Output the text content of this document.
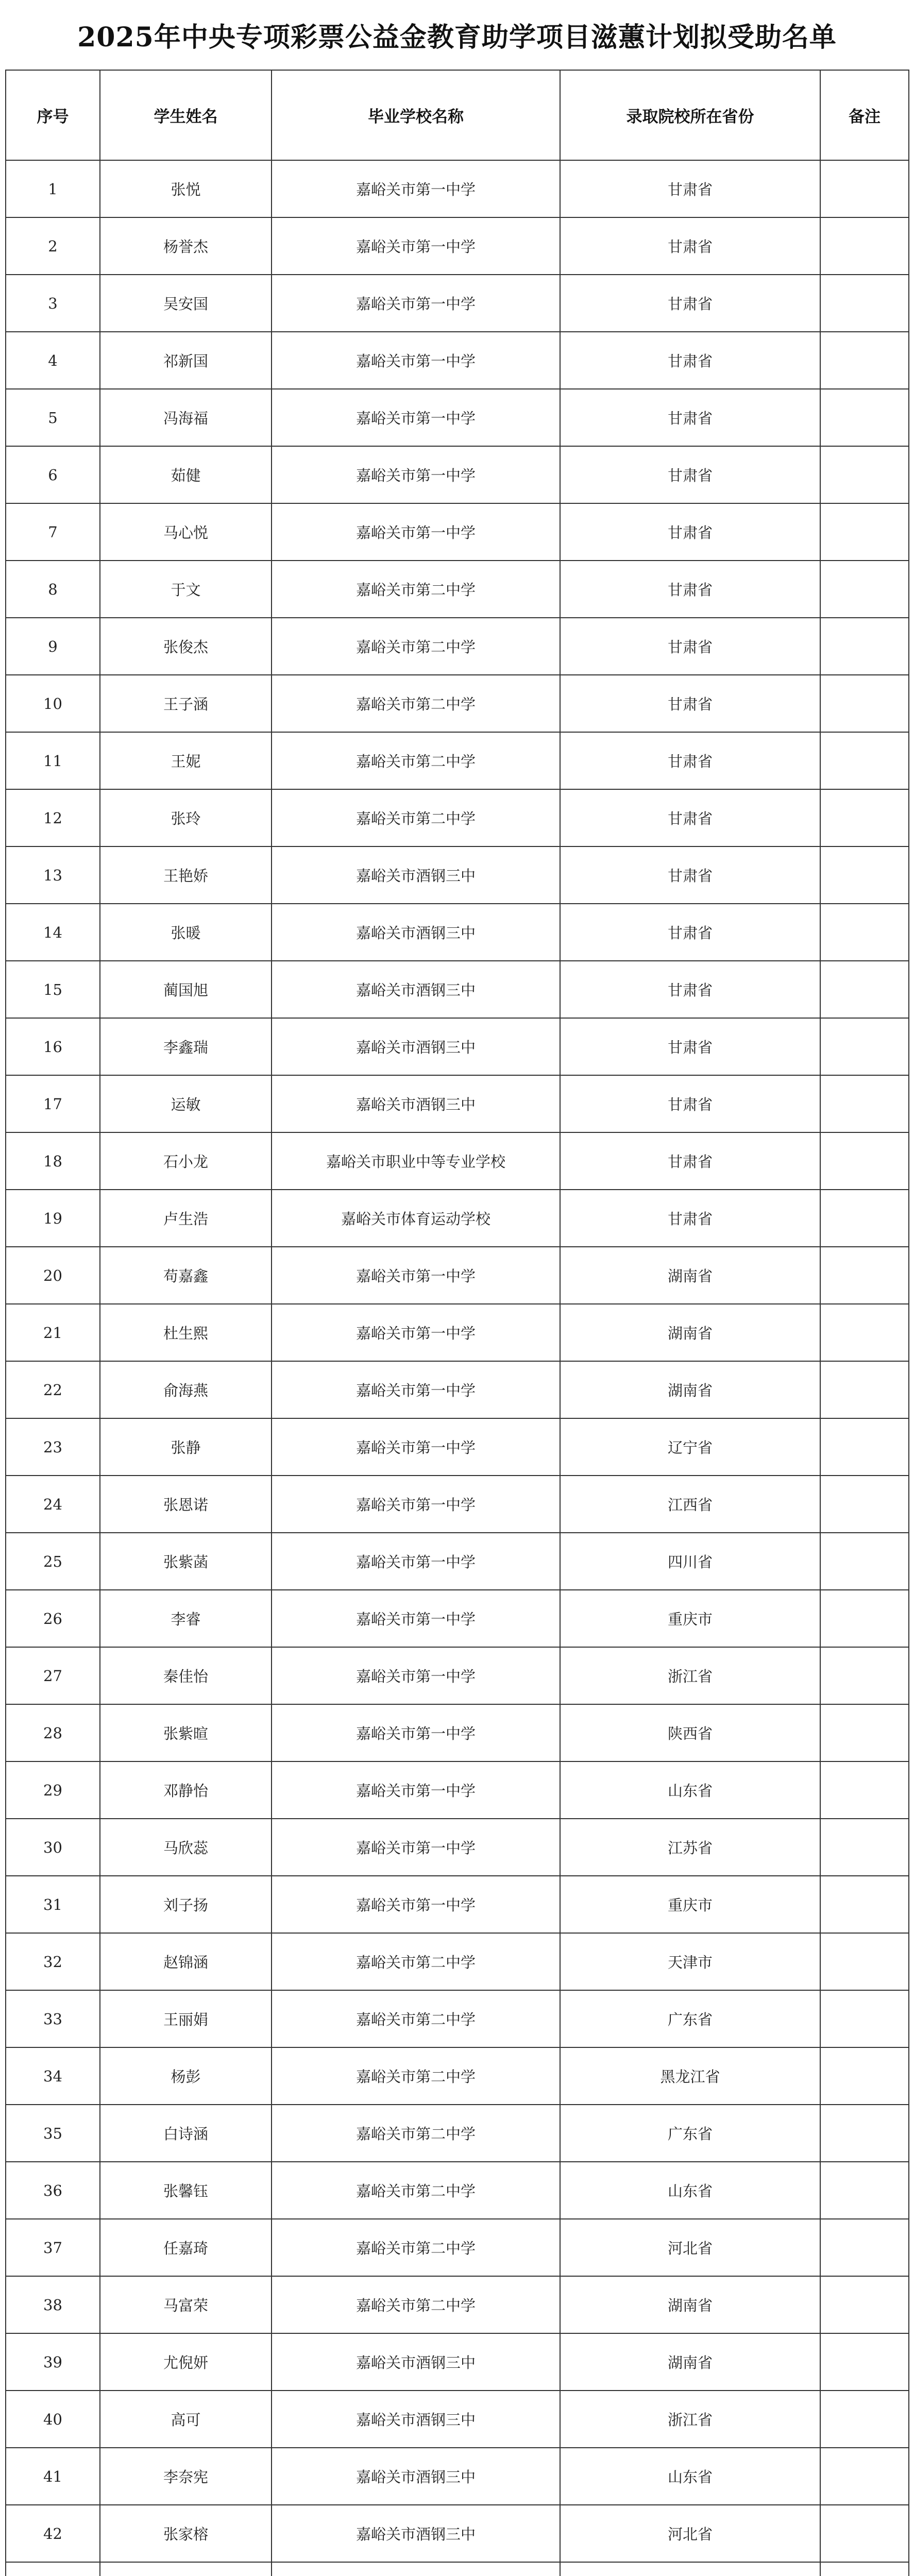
2025年中央专项彩票公益金教育助学项目滋蕙计划拟受助名单
序号	学生姓名	毕业学校名称	录取院校所在省份	备注
1	张悦	嘉峪关市第一中学	甘肃省	
2	杨誉杰	嘉峪关市第一中学	甘肃省	
3	吴安国	嘉峪关市第一中学	甘肃省	
4	祁新国	嘉峪关市第一中学	甘肃省	
5	冯海福	嘉峪关市第一中学	甘肃省	
6	茹健	嘉峪关市第一中学	甘肃省	
7	马心悦	嘉峪关市第一中学	甘肃省	
8	于文	嘉峪关市第二中学	甘肃省	
9	张俊杰	嘉峪关市第二中学	甘肃省	
10	王子涵	嘉峪关市第二中学	甘肃省	
11	王妮	嘉峪关市第二中学	甘肃省	
12	张玲	嘉峪关市第二中学	甘肃省	
13	王艳娇	嘉峪关市酒钢三中	甘肃省	
14	张暖	嘉峪关市酒钢三中	甘肃省	
15	蔺国旭	嘉峪关市酒钢三中	甘肃省	
16	李鑫瑞	嘉峪关市酒钢三中	甘肃省	
17	运敏	嘉峪关市酒钢三中	甘肃省	
18	石小龙	嘉峪关市职业中等专业学校	甘肃省	
19	卢生浩	嘉峪关市体育运动学校	甘肃省	
20	苟嘉鑫	嘉峪关市第一中学	湖南省	
21	杜生熙	嘉峪关市第一中学	湖南省	
22	俞海燕	嘉峪关市第一中学	湖南省	
23	张静	嘉峪关市第一中学	辽宁省	
24	张恩诺	嘉峪关市第一中学	江西省	
25	张紫菡	嘉峪关市第一中学	四川省	
26	李睿	嘉峪关市第一中学	重庆市	
27	秦佳怡	嘉峪关市第一中学	浙江省	
28	张紫暄	嘉峪关市第一中学	陕西省	
29	邓静怡	嘉峪关市第一中学	山东省	
30	马欣蕊	嘉峪关市第一中学	江苏省	
31	刘子扬	嘉峪关市第一中学	重庆市	
32	赵锦涵	嘉峪关市第二中学	天津市	
33	王丽娟	嘉峪关市第二中学	广东省	
34	杨彭	嘉峪关市第二中学	黑龙江省	
35	白诗涵	嘉峪关市第二中学	广东省	
36	张馨钰	嘉峪关市第二中学	山东省	
37	任嘉琦	嘉峪关市第二中学	河北省	
38	马富荣	嘉峪关市第二中学	湖南省	
39	尤倪妍	嘉峪关市酒钢三中	湖南省	
40	高可	嘉峪关市酒钢三中	浙江省	
41	李奈宪	嘉峪关市酒钢三中	山东省	
42	张家榕	嘉峪关市酒钢三中	河北省	
